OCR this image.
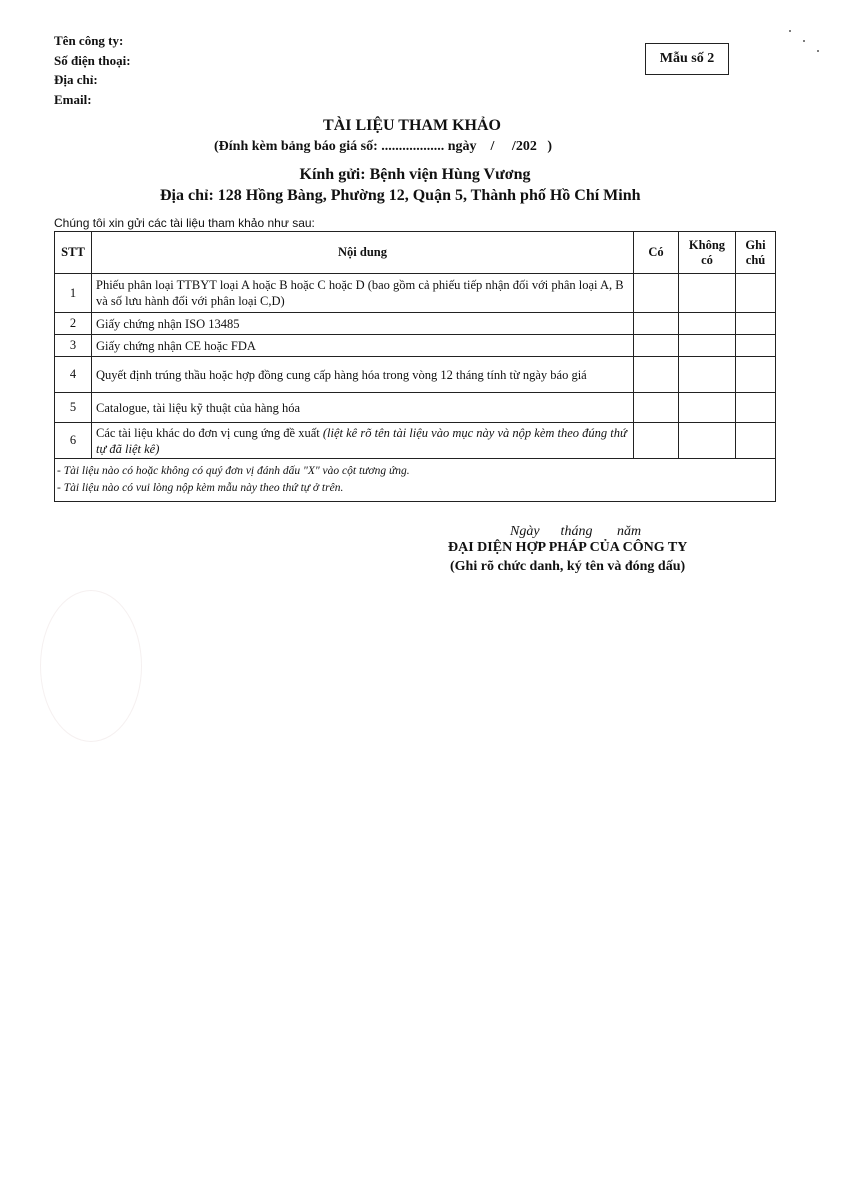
Tên công ty:
Số điện thoại:
Địa chỉ:
Email:
Mẫu số 2
TÀI LIỆU THAM KHẢO
(Đính kèm bảng báo giá số: .................. ngày    /     /202   )
Kính gửi: Bệnh viện Hùng Vương
Địa chỉ: 128 Hồng Bàng, Phường 12, Quận 5, Thành phố Hồ Chí Minh
Chúng tôi xin gửi các tài liệu tham khảo như sau:
STT	Nội dung	Có	Không có	Ghi chú
1	Phiếu phân loại TTBYT loại A hoặc B hoặc C hoặc D (bao gồm cả phiếu tiếp nhận đối với phân loại A, B và số lưu hành đối với phân loại C,D)			
2	Giấy chứng nhận ISO 13485			
3	Giấy chứng nhận CE hoặc FDA			
4	Quyết định trúng thầu hoặc hợp đồng cung cấp hàng hóa trong vòng 12 tháng tính từ ngày báo giá			
5	Catalogue, tài liệu kỹ thuật của hàng hóa			
6	Các tài liệu khác do đơn vị cung ứng đề xuất (liệt kê rõ tên tài liệu vào mục này và nộp kèm theo đúng thứ tự đã liệt kê)			

- Tài liệu nào có hoặc không có quý đơn vị đánh dấu "X" vào cột tương ứng.
- Tài liệu nào có vui lòng nộp kèm mẫu này theo thứ tự ở trên.				
Ngày      tháng       năm
ĐẠI DIỆN HỢP PHÁP CỦA CÔNG TY
(Ghi rõ chức danh, ký tên và đóng dấu)
